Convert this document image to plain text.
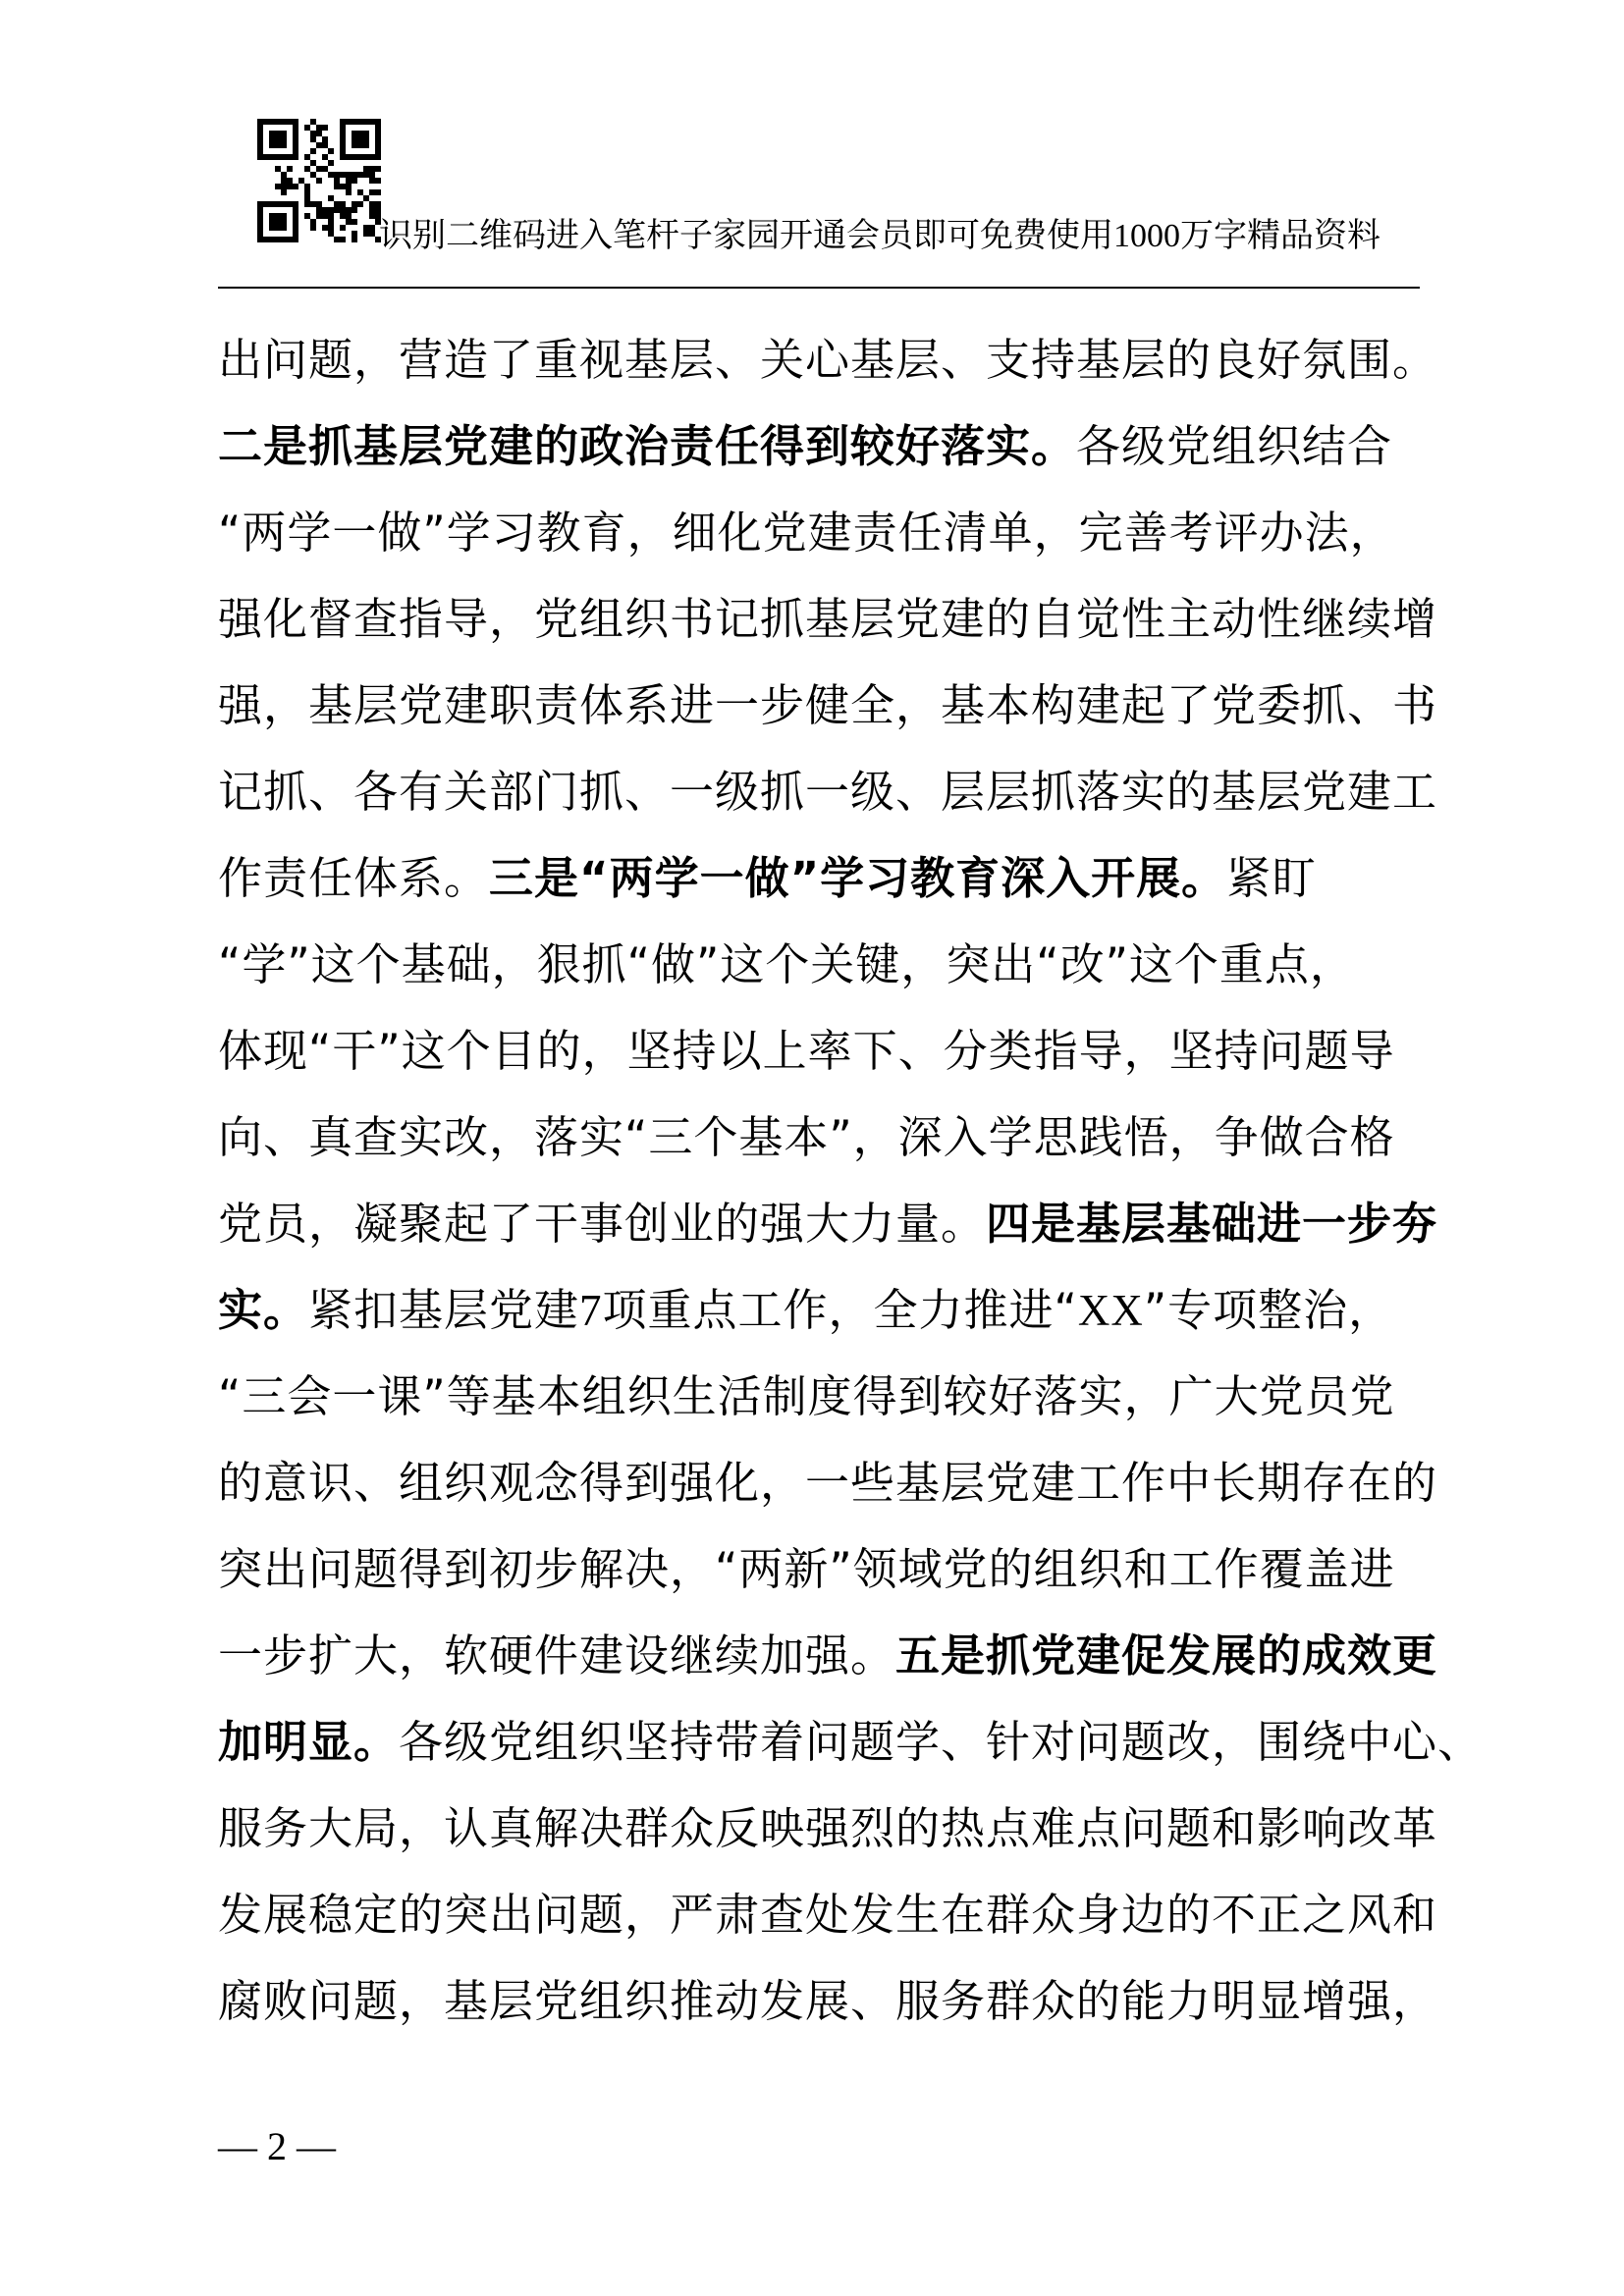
识别二维码进入笔杆子家园开通会员即可免费使用1000万字精品资料
出问题，营造了重视基层、关心基层、支持基层的良好氛围。
二是抓基层党建的政治责任得到较好落实。各级党组织结合
“两学一做”学习教育，细化党建责任清单，完善考评办法，
强化督查指导，党组织书记抓基层党建的自觉性主动性继续增
强，基层党建职责体系进一步健全，基本构建起了党委抓、书
记抓、各有关部门抓、一级抓一级、层层抓落实的基层党建工
作责任体系。三是“两学一做”学习教育深入开展。紧盯
“学”这个基础，狠抓“做”这个关键，突出“改”这个重点，
体现“干”这个目的，坚持以上率下、分类指导，坚持问题导
向、真查实改，落实“三个基本”，深入学思践悟，争做合格
党员，凝聚起了干事创业的强大力量。四是基层基础进一步夯
实。紧扣基层党建7项重点工作，全力推进“XX”专项整治，
“三会一课”等基本组织生活制度得到较好落实，广大党员党
的意识、组织观念得到强化，一些基层党建工作中长期存在的
突出问题得到初步解决，“两新”领域党的组织和工作覆盖进
一步扩大，软硬件建设继续加强。五是抓党建促发展的成效更
加明显。各级党组织坚持带着问题学、针对问题改，围绕中心、
服务大局，认真解决群众反映强烈的热点难点问题和影响改革
发展稳定的突出问题，严肃查处发生在群众身边的不正之风和
腐败问题，基层党组织推动发展、服务群众的能力明显增强，
— 2 —
